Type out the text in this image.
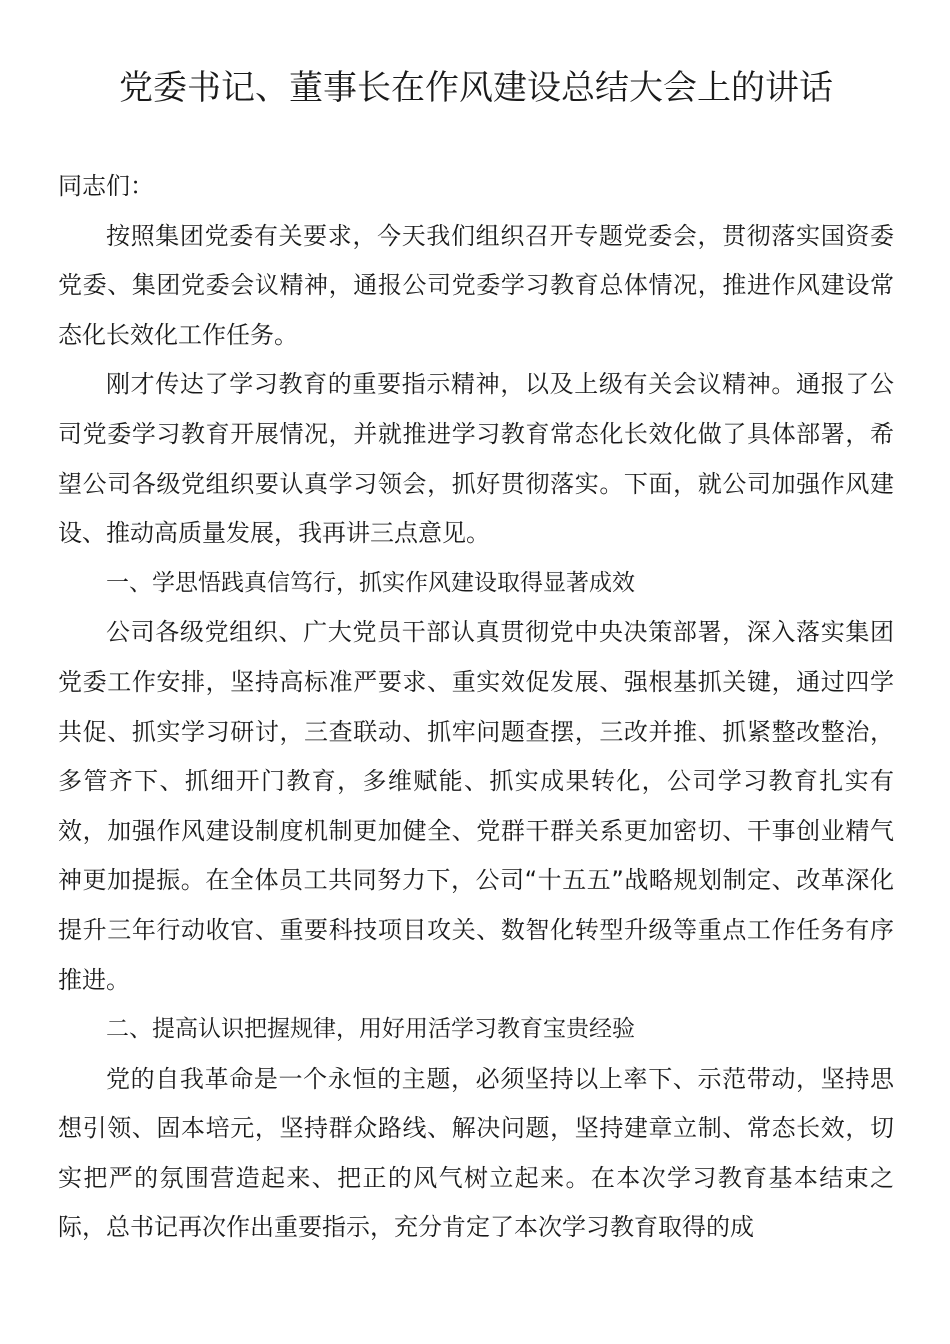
党委书记、董事长在作风建设总结大会上的讲话

同志们：

按照集团党委有关要求，今天我们组织召开专题党委会，贯彻落实国资委党委、集团党委会议精神，通报公司党委学习教育总体情况，推进作风建设常态化长效化工作任务。

刚才传达了学习教育的重要指示精神，以及上级有关会议精神。通报了公司党委学习教育开展情况，并就推进学习教育常态化长效化做了具体部署，希望公司各级党组织要认真学习领会，抓好贯彻落实。下面，就公司加强作风建设、推动高质量发展，我再讲三点意见。

一、学思悟践真信笃行，抓实作风建设取得显著成效

公司各级党组织、广大党员干部认真贯彻党中央决策部署，深入落实集团党委工作安排，坚持高标准严要求、重实效促发展、强根基抓关键，通过四学共促、抓实学习研讨，三查联动、抓牢问题查摆，三改并推、抓紧整改整治，多管齐下、抓细开门教育，多维赋能、抓实成果转化，公司学习教育扎实有效，加强作风建设制度机制更加健全、党群干群关系更加密切、干事创业精气神更加提振。在全体员工共同努力下，公司“十五五”战略规划制定、改革深化提升三年行动收官、重要科技项目攻关、数智化转型升级等重点工作任务有序推进。

二、提高认识把握规律，用好用活学习教育宝贵经验

党的自我革命是一个永恒的主题，必须坚持以上率下、示范带动，坚持思想引领、固本培元，坚持群众路线、解决问题，坚持建章立制、常态长效，切实把严的氛围营造起来、把正的风气树立起来。在本次学习教育基本结束之际，总书记再次作出重要指示，充分肯定了本次学习教育取得的成
